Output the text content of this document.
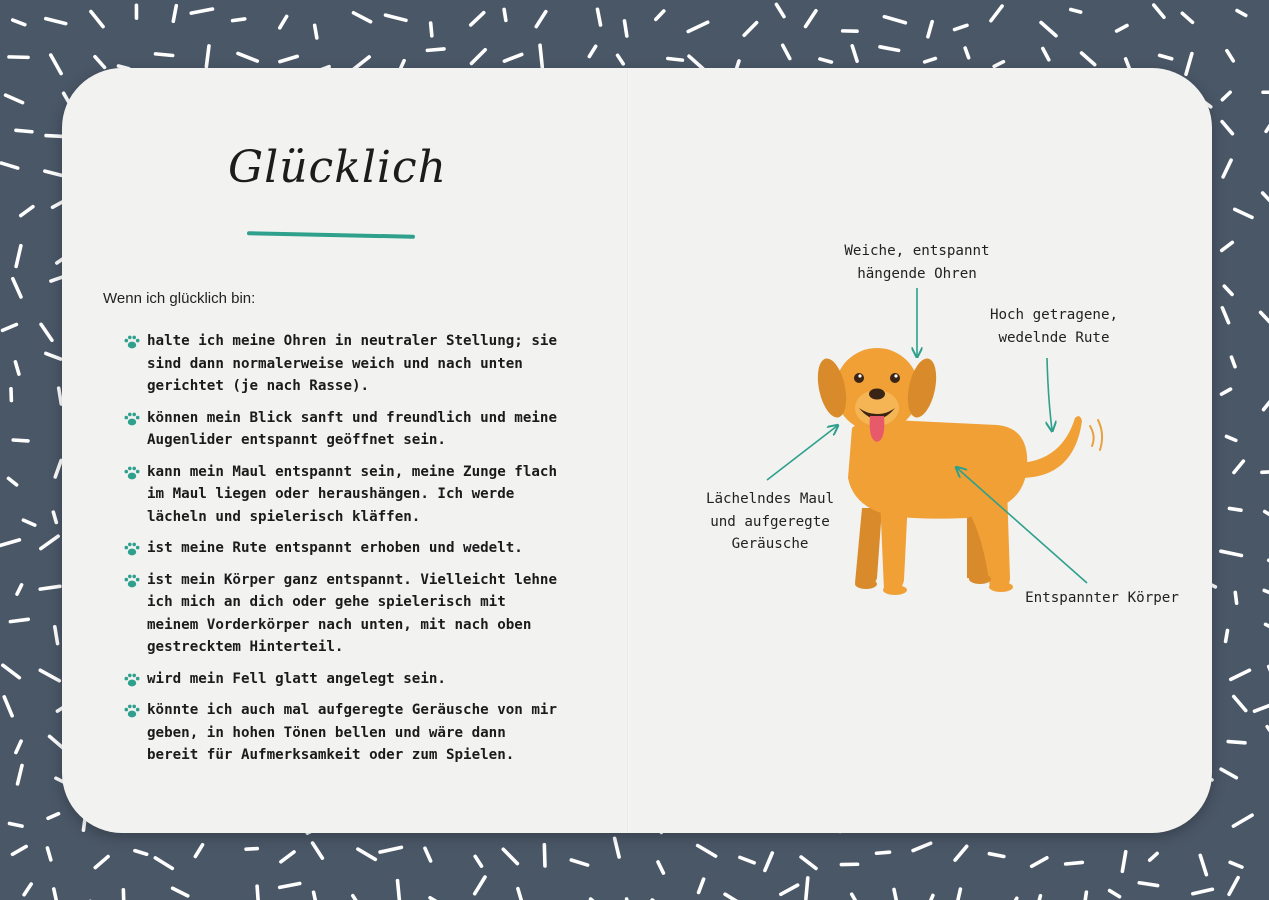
Glücklich
Wenn ich glücklich bin:
halte ich meine Ohren in neutraler Stellung; sie sind dann normalerweise weich und nach unten gerichtet (je nach Rasse).
können mein Blick sanft und freundlich und meine Augenlider entspannt geöffnet sein.
kann mein Maul entspannt sein, meine Zunge flach im Maul liegen oder heraushängen. Ich werde lächeln und spielerisch kläffen.
ist meine Rute entspannt erhoben und wedelt.
ist mein Körper ganz entspannt. Vielleicht lehne ich mich an dich oder gehe spielerisch mit meinem Vorderkörper nach unten, mit nach oben gestrecktem Hinterteil.
wird mein Fell glatt angelegt sein.
könnte ich auch mal aufgeregte Geräusche von mir geben, in hohen Tönen bellen und wäre dann bereit für Aufmerksamkeit oder zum Spielen.
Weiche, entspannt
hängende Ohren
Hoch getragene,
wedelnde Rute
Lächelndes Maul
und aufgeregte
Geräusche
Entspannter Körper
